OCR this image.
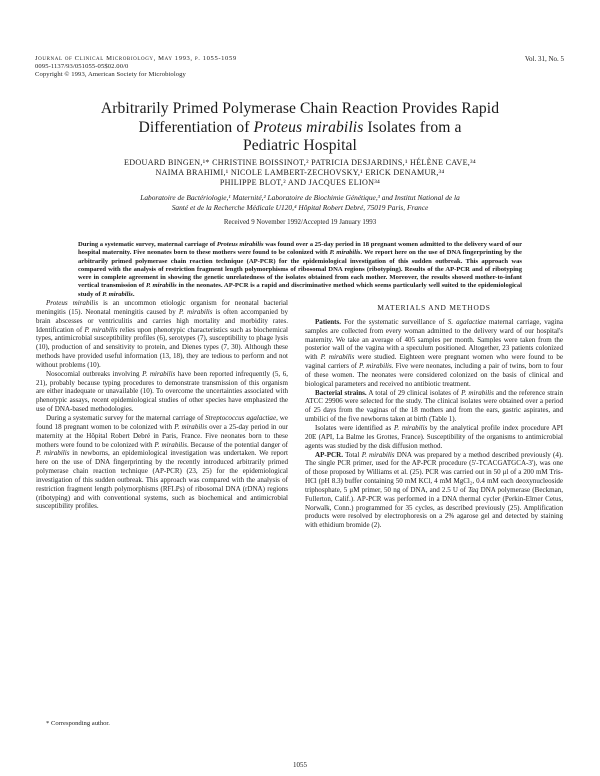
Journal of Clinical Microbiology, May 1993, p. 1055-1059
0095-1137/93/051055-05$02.00/0
Copyright © 1993, American Society for Microbiology
Vol. 31, No. 5
Arbitrarily Primed Polymerase Chain Reaction Provides Rapid
Differentiation of Proteus mirabilis Isolates from a
Pediatric Hospital
EDOUARD BINGEN,¹* CHRISTINE BOISSINOT,² PATRICIA DESJARDINS,¹ HÉLÈNE CAVE,³⁴
NAIMA BRAHIMI,¹ NICOLE LAMBERT-ZECHOVSKY,¹ ERICK DENAMUR,³⁴
PHILIPPE BLOT,² AND JACQUES ELION³⁴
Laboratoire de Bactériologie,¹ Maternité,² Laboratoire de Biochimie Génétique,³ and Institut National de la
Santé et de la Recherche Médicale U120,⁴ Hôpital Robert Debré, 75019 Paris, France
Received 9 November 1992/Accepted 19 January 1993
During a systematic survey, maternal carriage of Proteus mirabilis was found over a 25-day period in 18 pregnant women admitted to the delivery ward of our hospital maternity. Five neonates born to these mothers were found to be colonized with P. mirabilis. We report here on the use of DNA fingerprinting by the arbitrarily primed polymerase chain reaction technique (AP-PCR) for the epidemiological investigation of this sudden outbreak. This approach was compared with the analysis of restriction fragment length polymorphisms of ribosomal DNA regions (ribotyping). Results of the AP-PCR and of ribotyping were in complete agreement in showing the genetic unrelatedness of the isolates obtained from each mother. Moreover, the results showed mother-to-infant vertical transmission of P. mirabilis in the neonates. AP-PCR is a rapid and discriminative method which seems particularly well suited to the epidemiological study of P. mirabilis.

Proteus mirabilis is an uncommon etiologic organism for neonatal bacterial meningitis (15). Neonatal meningitis caused by P. mirabilis is often accompanied by brain abscesses or ventriculitis and carries high mortality and morbidity rates. Identification of P. mirabilis relies upon phenotypic characteristics such as biochemical types, antimicrobial susceptibility profiles (6), serotypes (7), susceptibility to phage lysis (10), production of and sensitivity to protein, and Dienes types (7, 30). Although these methods have provided useful information (13, 18), they are tedious to perform and not without problems (10).

Nosocomial outbreaks involving P. mirabilis have been reported infrequently (5, 6, 21), probably because typing procedures to demonstrate transmission of this organism are either inadequate or unavailable (10). To overcome the uncertainties associated with phenotypic assays, recent epidemiological studies of other species have emphasized the use of DNA-based methodologies.

During a systematic survey for the maternal carriage of Streptococcus agalactiae, we found 18 pregnant women to be colonized with P. mirabilis over a 25-day period in our maternity at the Hôpital Robert Debré in Paris, France. Five neonates born to these mothers were found to be colonized with P. mirabilis. Because of the potential danger of P. mirabilis in newborns, an epidemiological investigation was undertaken. We report here on the use of DNA fingerprinting by the recently introduced arbitrarily primed polymerase chain reaction technique (AP-PCR) (23, 25) for the epidemiological investigation of this sudden outbreak. This approach was compared with the analysis of restriction fragment length polymorphisms (RFLPs) of ribosomal DNA (rDNA) regions (ribotyping) and with conventional systems, such as biochemical and antimicrobial susceptibility profiles.

MATERIALS AND METHODS

Patients. For the systematic surveillance of S. agalactiae maternal carriage, vagina samples are collected from every woman admitted to the delivery ward of our hospital's maternity. We take an average of 405 samples per month. Samples were taken from the posterior wall of the vagina with a speculum positioned. Altogether, 23 patients colonized with P. mirabilis were studied. Eighteen were pregnant women who were found to be vaginal carriers of P. mirabilis. Five were neonates, including a pair of twins, born to four of these women. The neonates were considered colonized on the basis of clinical and biological parameters and received no antibiotic treatment.

Bacterial strains. A total of 29 clinical isolates of P. mirabilis and the reference strain ATCC 29906 were selected for the study. The clinical isolates were obtained over a period of 25 days from the vaginas of the 18 mothers and from the ears, gastric aspirates, and umbilici of the five newborns taken at birth (Table 1).

Isolates were identified as P. mirabilis by the analytical profile index procedure API 20E (API, La Balme les Grottes, France). Susceptibility of the organisms to antimicrobial agents was studied by the disk diffusion method.

AP-PCR. Total P. mirabilis DNA was prepared by a method described previously (4). The single PCR primer, used for the AP-PCR procedure (5'-TCACGATGCA-3'), was one of those proposed by Williams et al. (25). PCR was carried out in 50 μl of a 200 mM Tris-HCl (pH 8.3) buffer containing 50 mM KCl, 4 mM MgCl₂, 0.4 mM each deoxynucleoside triphosphate, 5 μM primer, 50 ng of DNA, and 2.5 U of Taq DNA polymerase (Beckman, Fullerton, Calif.). AP-PCR was performed in a DNA thermal cycler (Perkin-Elmer Cetus, Norwalk, Conn.) programmed for 35 cycles, as described previously (25). Amplification products were resolved by electrophoresis on a 2% agarose gel and detected by staining with ethidium bromide (2).

* Corresponding author.
1055
